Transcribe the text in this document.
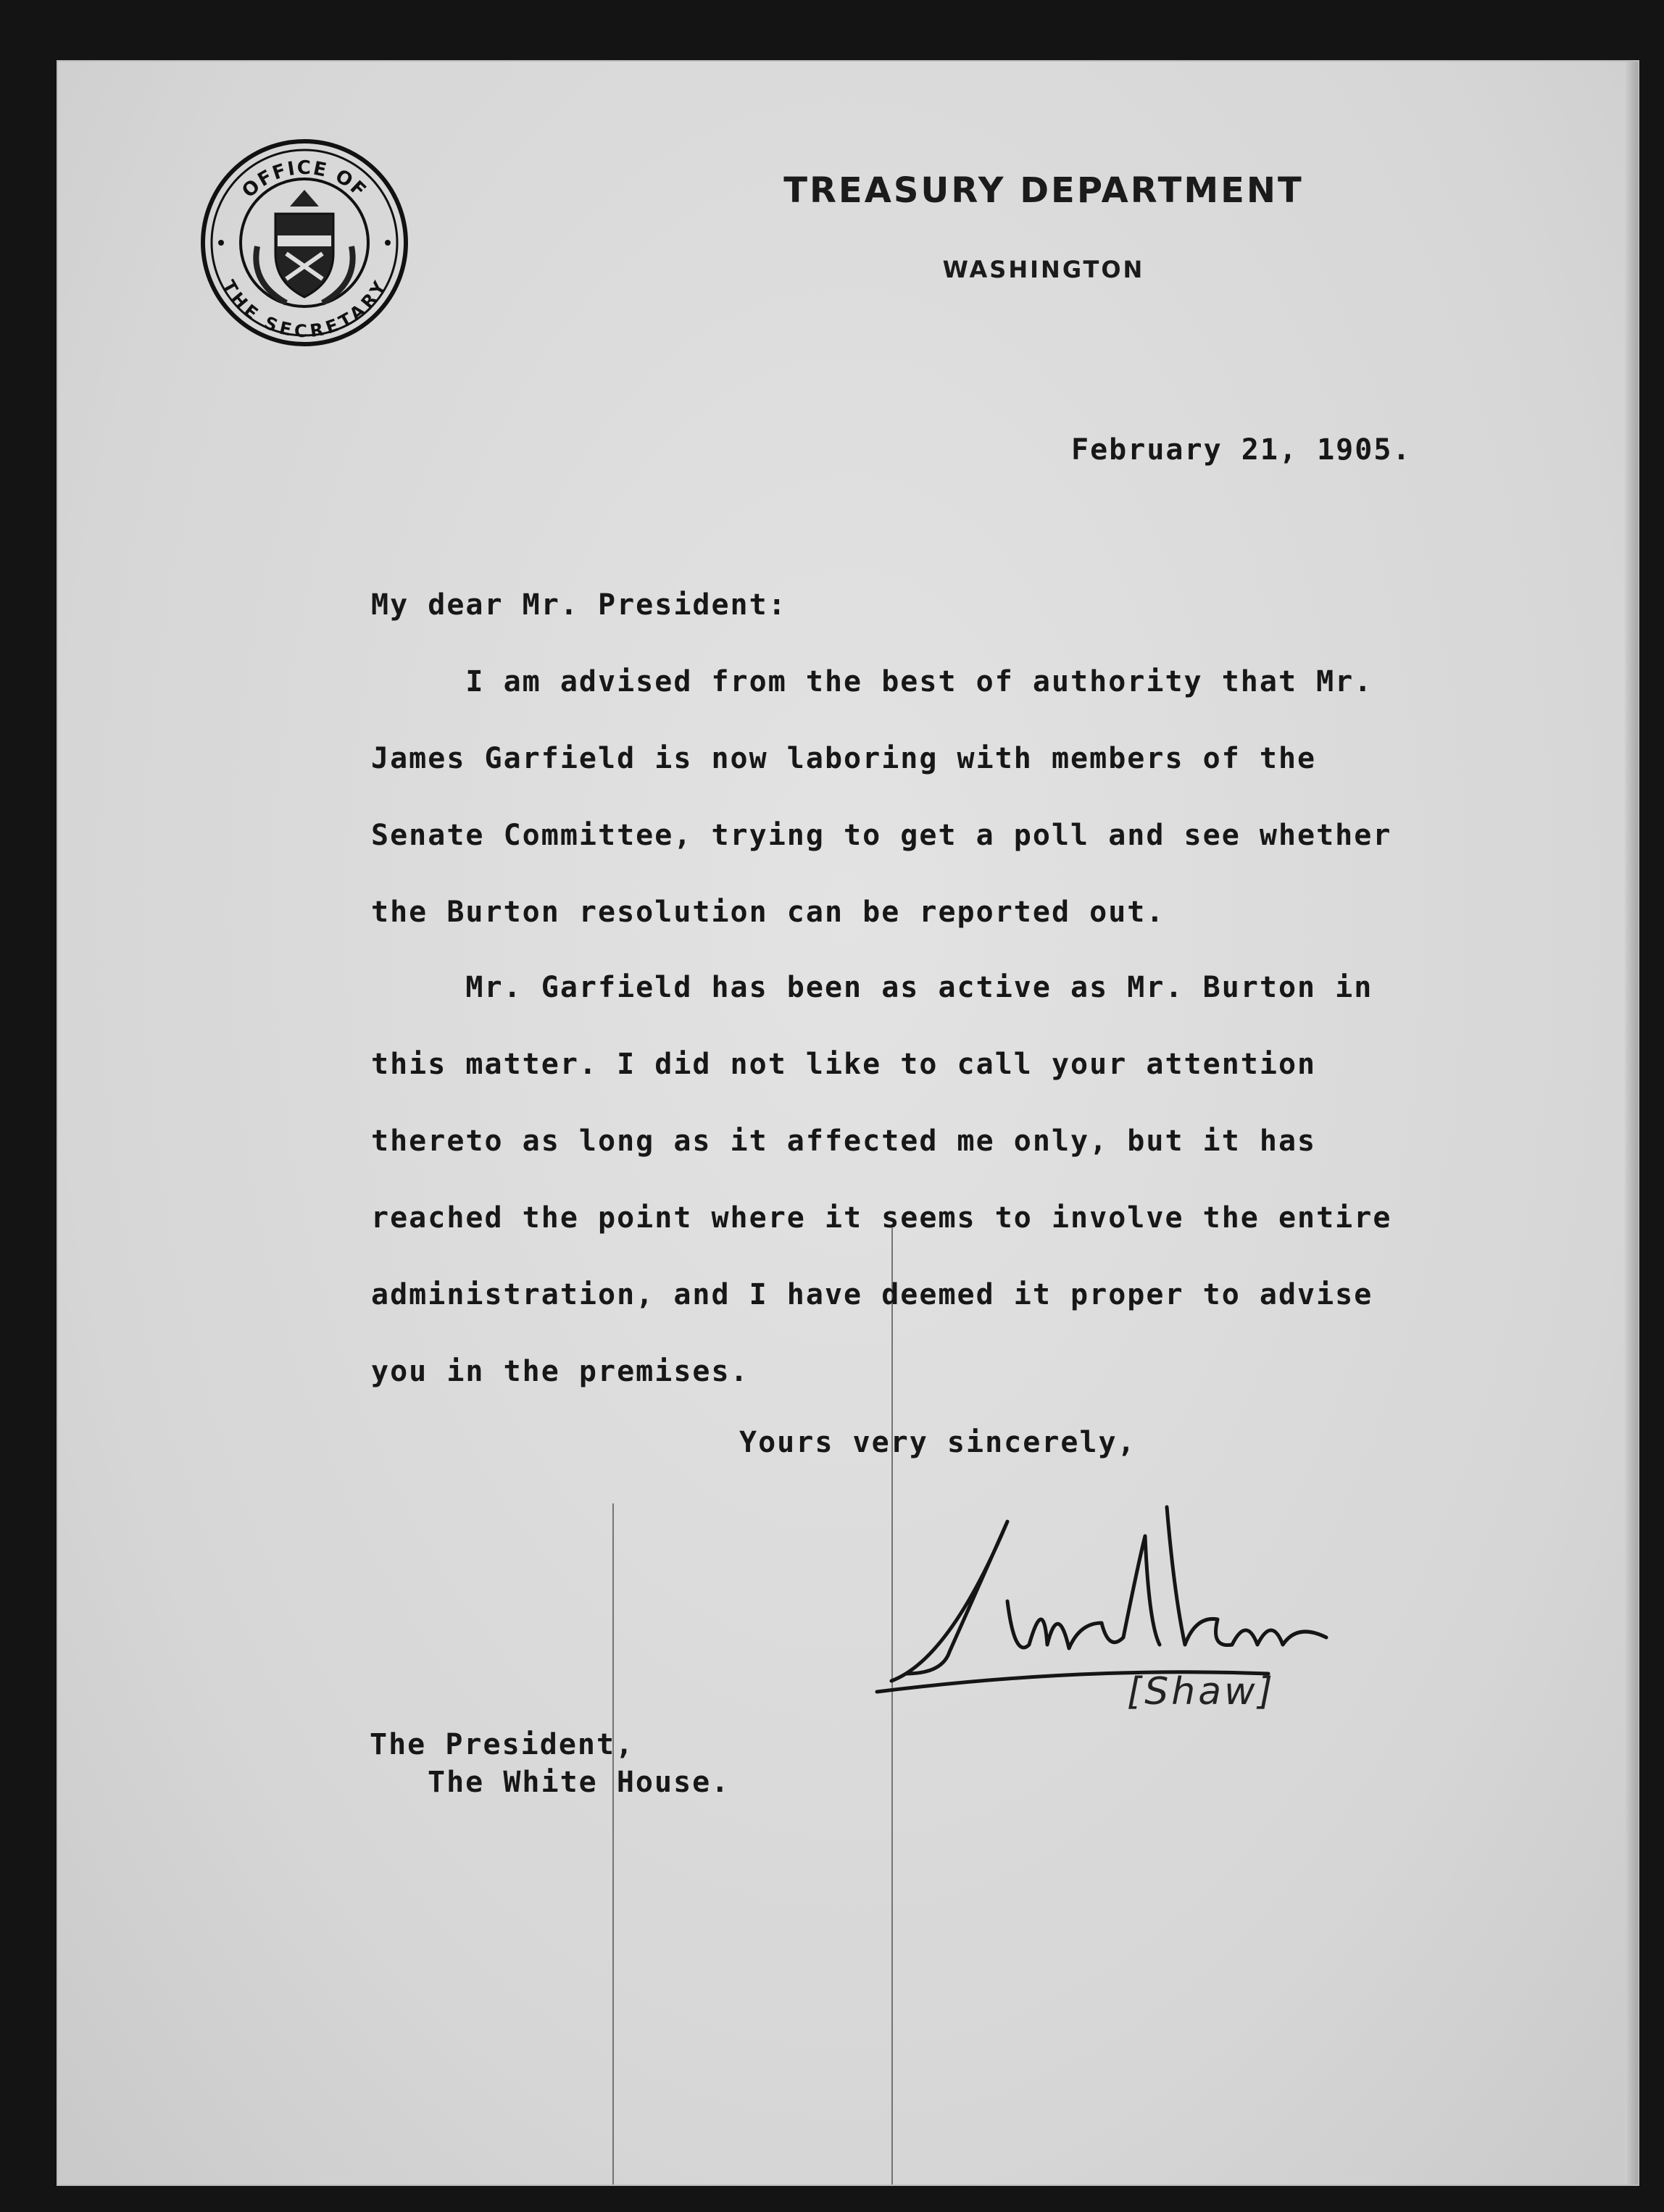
OFFICE OF
THE SECRETARY
TREASURY DEPARTMENT
WASHINGTON
February 21, 1905.
My dear Mr. President:
I am advised from the best of authority that Mr.
James Garfield is now laboring with members of the
Senate Committee, trying to get a poll and see whether
the Burton resolution can be reported out.
Mr. Garfield has been as active as Mr. Burton in
this matter. I did not like to call your attention
thereto as long as it affected me only, but it has
reached the point where it seems to involve the entire
administration, and I have deemed it proper to advise
you in the premises.
Yours very sincerely,
[Shaw]
The President,
The White House.
